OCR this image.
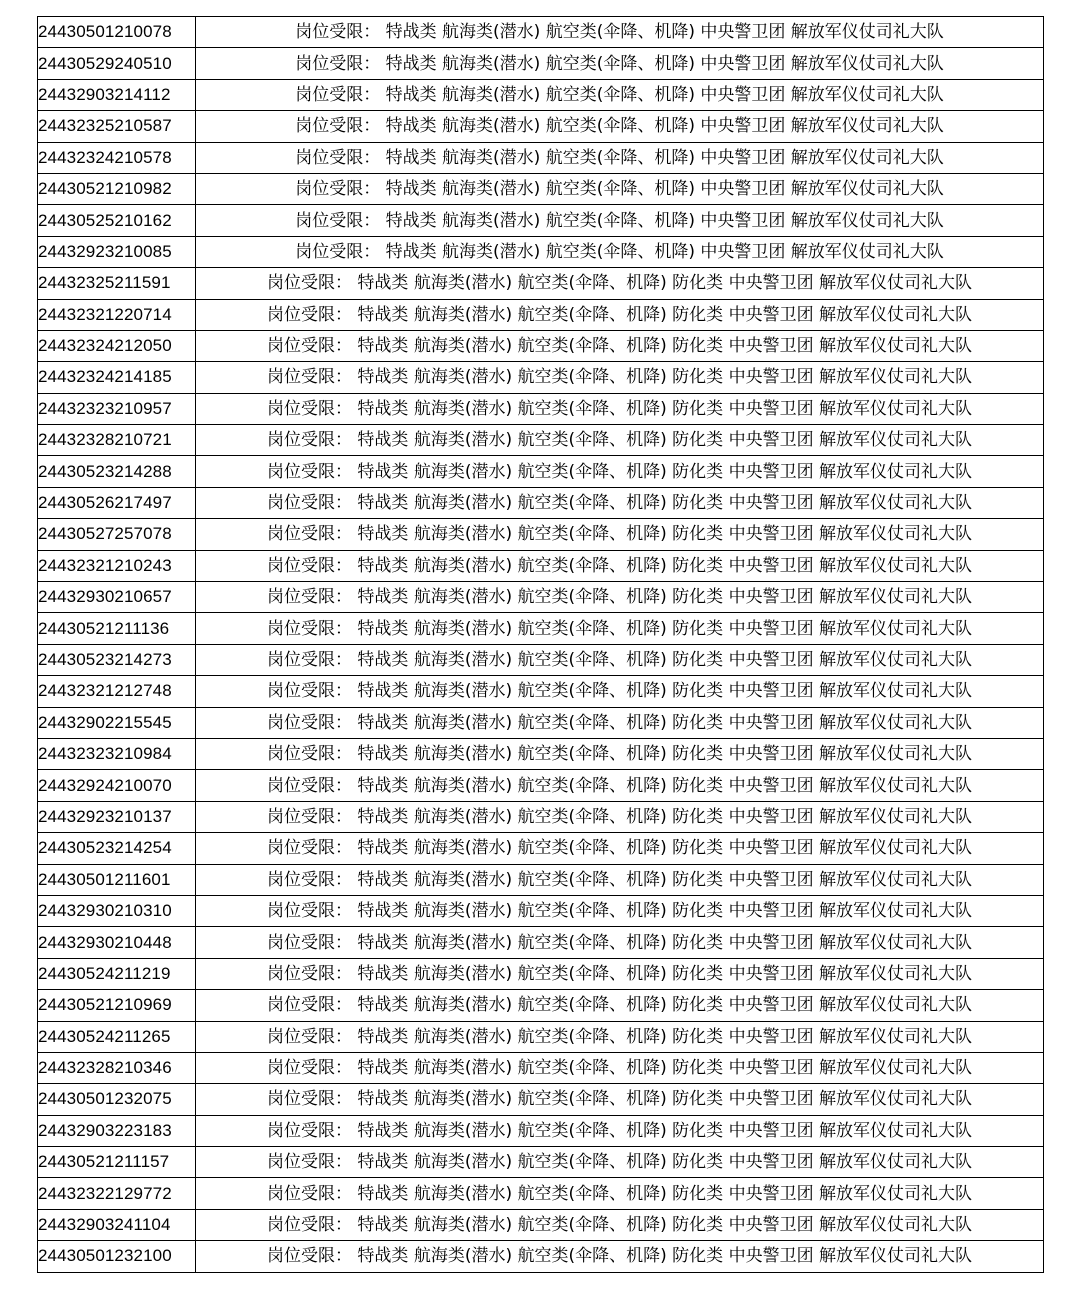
24430501210078	岗位受限： 特战类 航海类(潜水) 航空类(伞降、机降) 中央警卫团 解放军仪仗司礼大队
24430529240510	岗位受限： 特战类 航海类(潜水) 航空类(伞降、机降) 中央警卫团 解放军仪仗司礼大队
24432903214112	岗位受限： 特战类 航海类(潜水) 航空类(伞降、机降) 中央警卫团 解放军仪仗司礼大队
24432325210587	岗位受限： 特战类 航海类(潜水) 航空类(伞降、机降) 中央警卫团 解放军仪仗司礼大队
24432324210578	岗位受限： 特战类 航海类(潜水) 航空类(伞降、机降) 中央警卫团 解放军仪仗司礼大队
24430521210982	岗位受限： 特战类 航海类(潜水) 航空类(伞降、机降) 中央警卫团 解放军仪仗司礼大队
24430525210162	岗位受限： 特战类 航海类(潜水) 航空类(伞降、机降) 中央警卫团 解放军仪仗司礼大队
24432923210085	岗位受限： 特战类 航海类(潜水) 航空类(伞降、机降) 中央警卫团 解放军仪仗司礼大队
24432325211591	岗位受限： 特战类 航海类(潜水) 航空类(伞降、机降) 防化类 中央警卫团 解放军仪仗司礼大队
24432321220714	岗位受限： 特战类 航海类(潜水) 航空类(伞降、机降) 防化类 中央警卫团 解放军仪仗司礼大队
24432324212050	岗位受限： 特战类 航海类(潜水) 航空类(伞降、机降) 防化类 中央警卫团 解放军仪仗司礼大队
24432324214185	岗位受限： 特战类 航海类(潜水) 航空类(伞降、机降) 防化类 中央警卫团 解放军仪仗司礼大队
24432323210957	岗位受限： 特战类 航海类(潜水) 航空类(伞降、机降) 防化类 中央警卫团 解放军仪仗司礼大队
24432328210721	岗位受限： 特战类 航海类(潜水) 航空类(伞降、机降) 防化类 中央警卫团 解放军仪仗司礼大队
24430523214288	岗位受限： 特战类 航海类(潜水) 航空类(伞降、机降) 防化类 中央警卫团 解放军仪仗司礼大队
24430526217497	岗位受限： 特战类 航海类(潜水) 航空类(伞降、机降) 防化类 中央警卫团 解放军仪仗司礼大队
24430527257078	岗位受限： 特战类 航海类(潜水) 航空类(伞降、机降) 防化类 中央警卫团 解放军仪仗司礼大队
24432321210243	岗位受限： 特战类 航海类(潜水) 航空类(伞降、机降) 防化类 中央警卫团 解放军仪仗司礼大队
24432930210657	岗位受限： 特战类 航海类(潜水) 航空类(伞降、机降) 防化类 中央警卫团 解放军仪仗司礼大队
24430521211136	岗位受限： 特战类 航海类(潜水) 航空类(伞降、机降) 防化类 中央警卫团 解放军仪仗司礼大队
24430523214273	岗位受限： 特战类 航海类(潜水) 航空类(伞降、机降) 防化类 中央警卫团 解放军仪仗司礼大队
24432321212748	岗位受限： 特战类 航海类(潜水) 航空类(伞降、机降) 防化类 中央警卫团 解放军仪仗司礼大队
24432902215545	岗位受限： 特战类 航海类(潜水) 航空类(伞降、机降) 防化类 中央警卫团 解放军仪仗司礼大队
24432323210984	岗位受限： 特战类 航海类(潜水) 航空类(伞降、机降) 防化类 中央警卫团 解放军仪仗司礼大队
24432924210070	岗位受限： 特战类 航海类(潜水) 航空类(伞降、机降) 防化类 中央警卫团 解放军仪仗司礼大队
24432923210137	岗位受限： 特战类 航海类(潜水) 航空类(伞降、机降) 防化类 中央警卫团 解放军仪仗司礼大队
24430523214254	岗位受限： 特战类 航海类(潜水) 航空类(伞降、机降) 防化类 中央警卫团 解放军仪仗司礼大队
24430501211601	岗位受限： 特战类 航海类(潜水) 航空类(伞降、机降) 防化类 中央警卫团 解放军仪仗司礼大队
24432930210310	岗位受限： 特战类 航海类(潜水) 航空类(伞降、机降) 防化类 中央警卫团 解放军仪仗司礼大队
24432930210448	岗位受限： 特战类 航海类(潜水) 航空类(伞降、机降) 防化类 中央警卫团 解放军仪仗司礼大队
24430524211219	岗位受限： 特战类 航海类(潜水) 航空类(伞降、机降) 防化类 中央警卫团 解放军仪仗司礼大队
24430521210969	岗位受限： 特战类 航海类(潜水) 航空类(伞降、机降) 防化类 中央警卫团 解放军仪仗司礼大队
24430524211265	岗位受限： 特战类 航海类(潜水) 航空类(伞降、机降) 防化类 中央警卫团 解放军仪仗司礼大队
24432328210346	岗位受限： 特战类 航海类(潜水) 航空类(伞降、机降) 防化类 中央警卫团 解放军仪仗司礼大队
24430501232075	岗位受限： 特战类 航海类(潜水) 航空类(伞降、机降) 防化类 中央警卫团 解放军仪仗司礼大队
24432903223183	岗位受限： 特战类 航海类(潜水) 航空类(伞降、机降) 防化类 中央警卫团 解放军仪仗司礼大队
24430521211157	岗位受限： 特战类 航海类(潜水) 航空类(伞降、机降) 防化类 中央警卫团 解放军仪仗司礼大队
24432322129772	岗位受限： 特战类 航海类(潜水) 航空类(伞降、机降) 防化类 中央警卫团 解放军仪仗司礼大队
24432903241104	岗位受限： 特战类 航海类(潜水) 航空类(伞降、机降) 防化类 中央警卫团 解放军仪仗司礼大队
24430501232100	岗位受限： 特战类 航海类(潜水) 航空类(伞降、机降) 防化类 中央警卫团 解放军仪仗司礼大队
